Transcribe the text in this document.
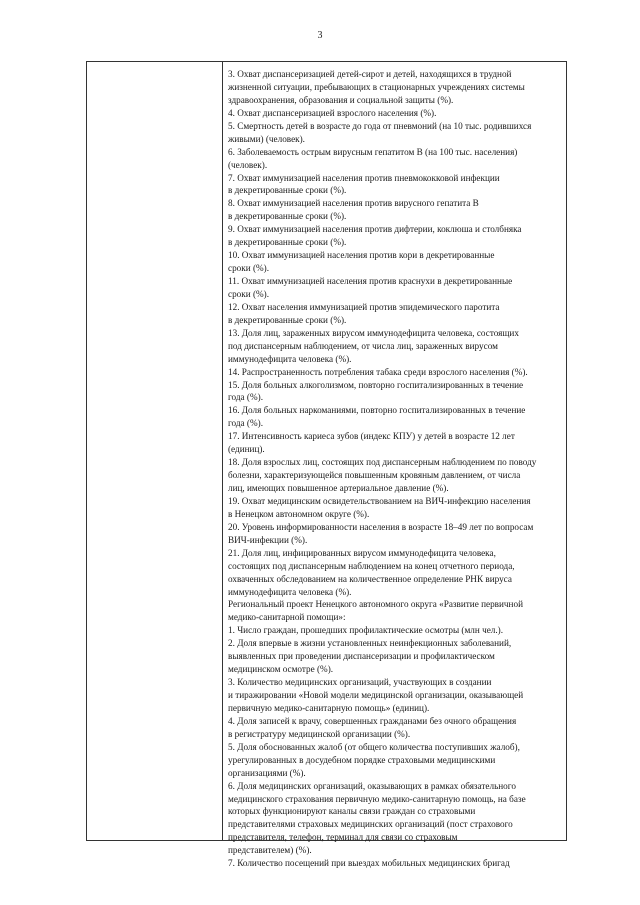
3
3. Охват диспансеризацией детей-сирот и детей, находящихся в трудной
жизненной ситуации, пребывающих в стационарных учреждениях системы
здравоохранения, образования и социальной защиты (%).
4. Охват диспансеризацией взрослого населения (%).
5. Смертность детей в возрасте до года от пневмоний (на 10 тыс. родившихся
живыми) (человек).
6. Заболеваемость острым вирусным гепатитом В (на 100 тыс. населения)
(человек).
7. Охват иммунизацией населения против пневмококковой инфекции
в декретированные сроки (%).
8. Охват иммунизацией населения против вирусного гепатита В
в декретированные сроки (%).
9. Охват иммунизацией населения против дифтерии, коклюша и столбняка
в декретированные сроки (%).
10. Охват иммунизацией населения против кори в декретированные
сроки (%).
11. Охват иммунизацией населения против краснухи в декретированные
сроки (%).
12. Охват населения иммунизацией против эпидемического паротита
в декретированные сроки (%).
13. Доля лиц, зараженных вирусом иммунодефицита человека, состоящих
под диспансерным наблюдением, от числа лиц, зараженных вирусом
иммунодефицита человека (%).
14. Распространенность потребления табака среди взрослого населения (%).
15. Доля больных алкоголизмом, повторно госпитализированных в течение
года (%).
16. Доля больных наркоманиями, повторно госпитализированных в течение
года (%).
17. Интенсивность кариеса зубов (индекс КПУ) у детей в возрасте 12 лет
(единиц).
18. Доля взрослых лиц, состоящих под диспансерным наблюдением по поводу
болезни, характеризующейся повышенным кровяным давлением, от числа
лиц, имеющих повышенное артериальное давление (%).
19. Охват медицинским освидетельствованием на ВИЧ-инфекцию населения
в Ненецком автономном округе (%).
20. Уровень информированности населения в возрасте 18–49 лет по вопросам
ВИЧ-инфекции (%).
21. Доля лиц, инфицированных вирусом иммунодефицита человека,
состоящих под диспансерным наблюдением на конец отчетного периода,
охваченных обследованием на количественное определение РНК вируса
иммунодефицита человека (%).
Региональный проект Ненецкого автономного округа «Развитие первичной
медико-санитарной помощи»:
1. Число граждан, прошедших профилактические осмотры (млн чел.).
2. Доля впервые в жизни установленных неинфекционных заболеваний,
выявленных при проведении диспансеризации и профилактическом
медицинском осмотре (%).
3. Количество медицинских организаций, участвующих в создании
и тиражировании «Новой модели медицинской организации, оказывающей
первичную медико-санитарную помощь» (единиц).
4. Доля записей к врачу, совершенных гражданами без очного обращения
в регистратуру медицинской организации (%).
5. Доля обоснованных жалоб (от общего количества поступивших жалоб),
урегулированных в досудебном порядке страховыми медицинскими
организациями (%).
6. Доля медицинских организаций, оказывающих в рамках обязательного
медицинского страхования первичную медико-санитарную помощь, на базе
которых функционируют каналы связи граждан со страховыми
представителями страховых медицинских организаций (пост страхового
представителя, телефон, терминал для связи со страховым
представителем) (%).
7. Количество посещений при выездах мобильных медицинских бригад
